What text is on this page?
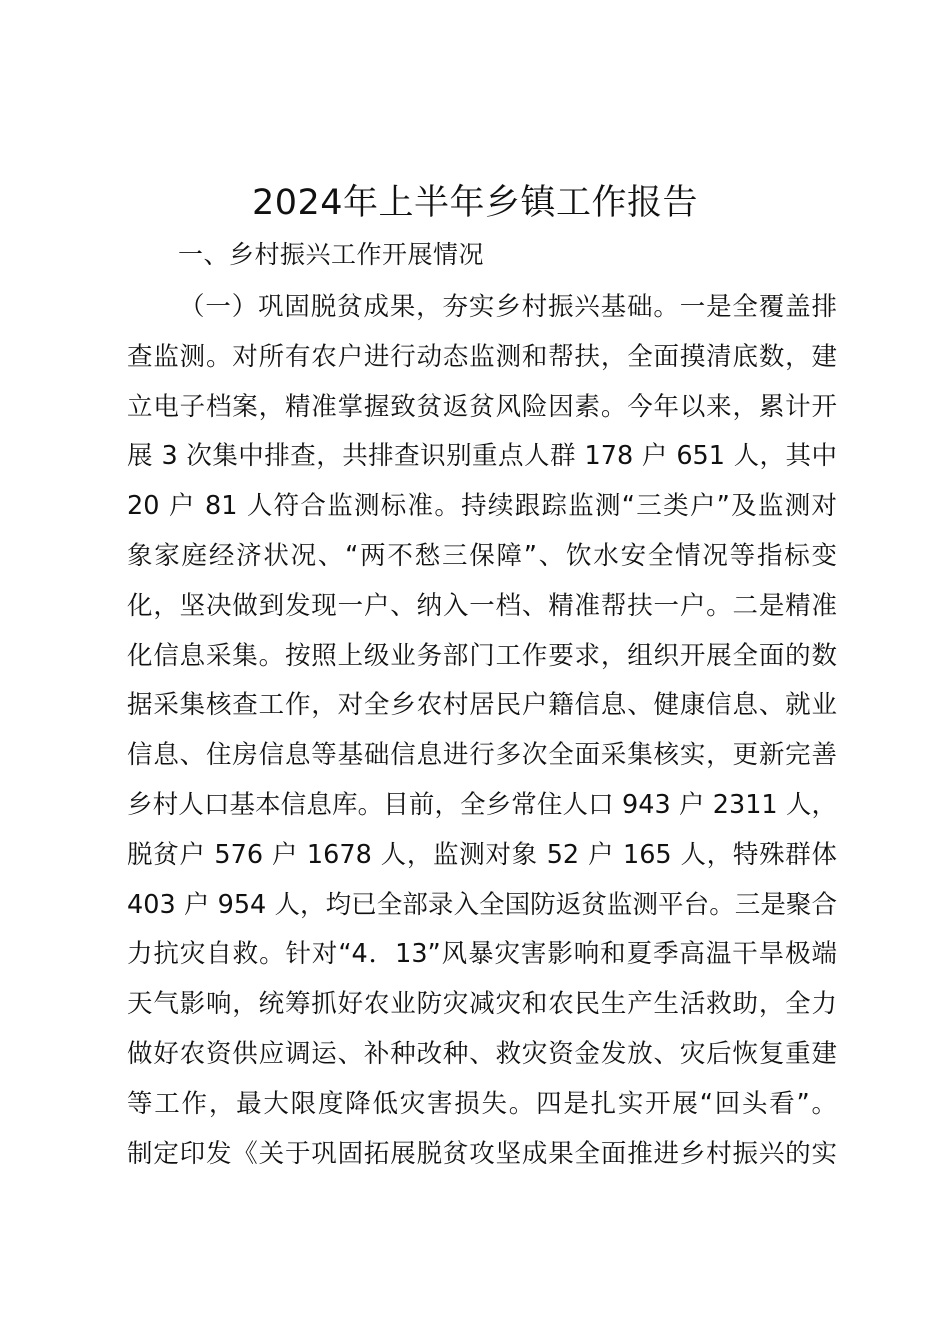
2024年上半年乡镇工作报告
一、乡村振兴工作开展情况
（一）巩固脱贫成果，夯实乡村振兴基础。一是全覆盖排
查监测。对所有农户进行动态监测和帮扶，全面摸清底数，建
立电子档案，精准掌握致贫返贫风险因素。今年以来，累计开
展 3 次集中排查，共排查识别重点人群 178 户 651 人，其中
20 户 81 人符合监测标准。持续跟踪监测“三类户”及监测对
象家庭经济状况、“两不愁三保障”、饮水安全情况等指标变
化，坚决做到发现一户、纳入一档、精准帮扶一户。二是精准
化信息采集。按照上级业务部门工作要求，组织开展全面的数
据采集核查工作，对全乡农村居民户籍信息、健康信息、就业
信息、住房信息等基础信息进行多次全面采集核实，更新完善
乡村人口基本信息库。目前，全乡常住人口 943 户 2311 人，
脱贫户 576 户 1678 人，监测对象 52 户 165 人，特殊群体
403 户 954 人，均已全部录入全国防返贫监测平台。三是聚合
力抗灾自救。针对“4．13”风暴灾害影响和夏季高温干旱极端
天气影响，统筹抓好农业防灾减灾和农民生产生活救助，全力
做好农资供应调运、补种改种、救灾资金发放、灾后恢复重建
等工作，最大限度降低灾害损失。四是扎实开展“回头看”。
制定印发《关于巩固拓展脱贫攻坚成果全面推进乡村振兴的实
